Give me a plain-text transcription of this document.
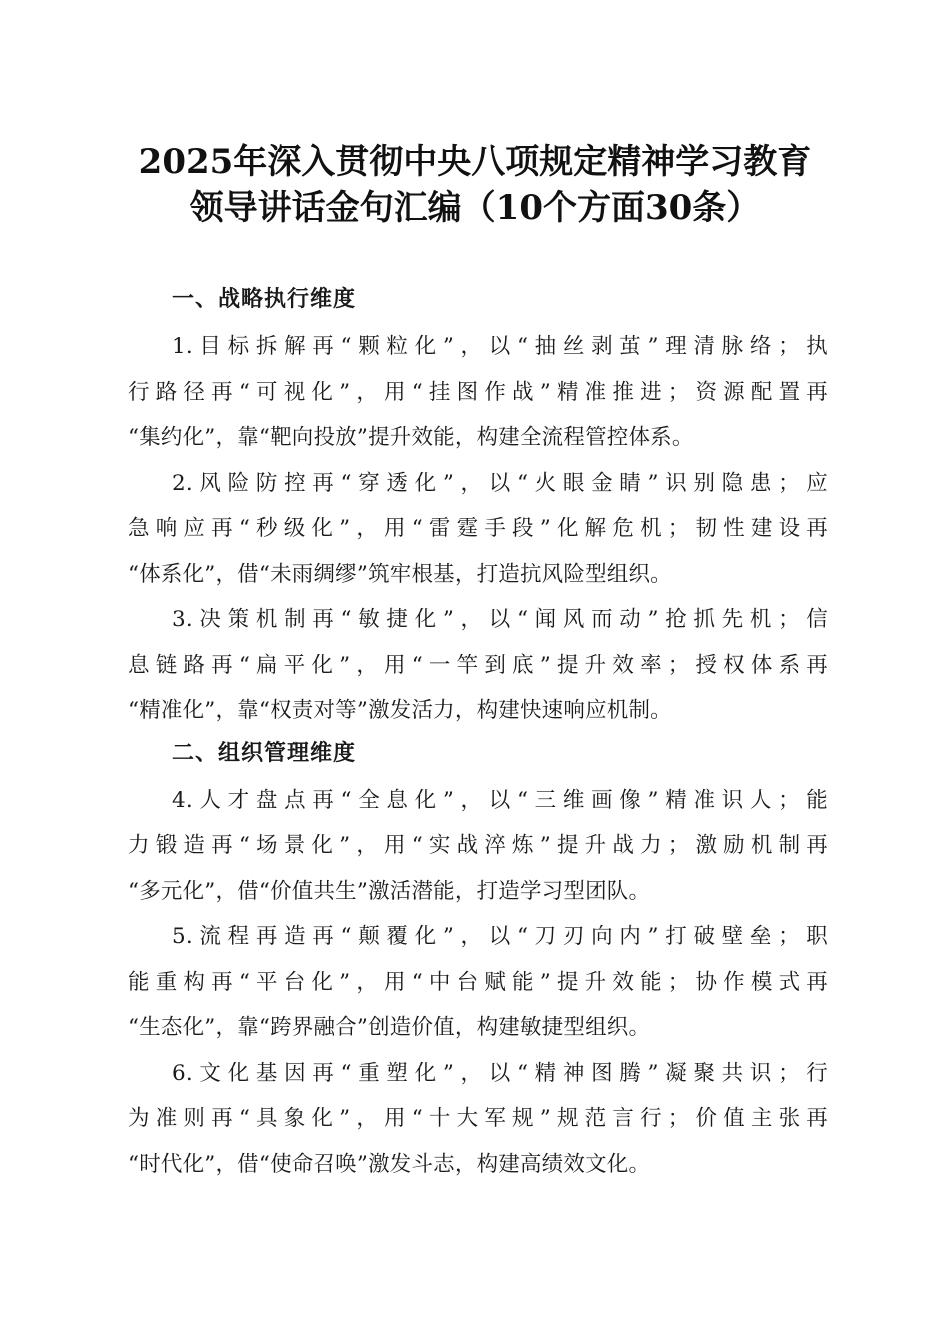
2025年深入贯彻中央八项规定精神学习教育
领导讲话金句汇编（10个方面30条）
一、战略执行维度
1.目标拆解再“颗粒化”，以“抽丝剥茧”理清脉络；执
行路径再“可视化”，用“挂图作战”精准推进；资源配置再
“集约化”，靠“靶向投放”提升效能，构建全流程管控体系。
2.风险防控再“穿透化”，以“火眼金睛”识别隐患；应
急响应再“秒级化”，用“雷霆手段”化解危机；韧性建设再
“体系化”，借“未雨绸缪”筑牢根基，打造抗风险型组织。
3.决策机制再“敏捷化”，以“闻风而动”抢抓先机；信
息链路再“扁平化”，用“一竿到底”提升效率；授权体系再
“精准化”，靠“权责对等”激发活力，构建快速响应机制。
二、组织管理维度
4.人才盘点再“全息化”，以“三维画像”精准识人；能
力锻造再“场景化”，用“实战淬炼”提升战力；激励机制再
“多元化”，借“价值共生”激活潜能，打造学习型团队。
5.流程再造再“颠覆化”，以“刀刃向内”打破壁垒；职
能重构再“平台化”，用“中台赋能”提升效能；协作模式再
“生态化”，靠“跨界融合”创造价值，构建敏捷型组织。
6.文化基因再“重塑化”，以“精神图腾”凝聚共识；行
为准则再“具象化”，用“十大军规”规范言行；价值主张再
“时代化”，借“使命召唤”激发斗志，构建高绩效文化。
